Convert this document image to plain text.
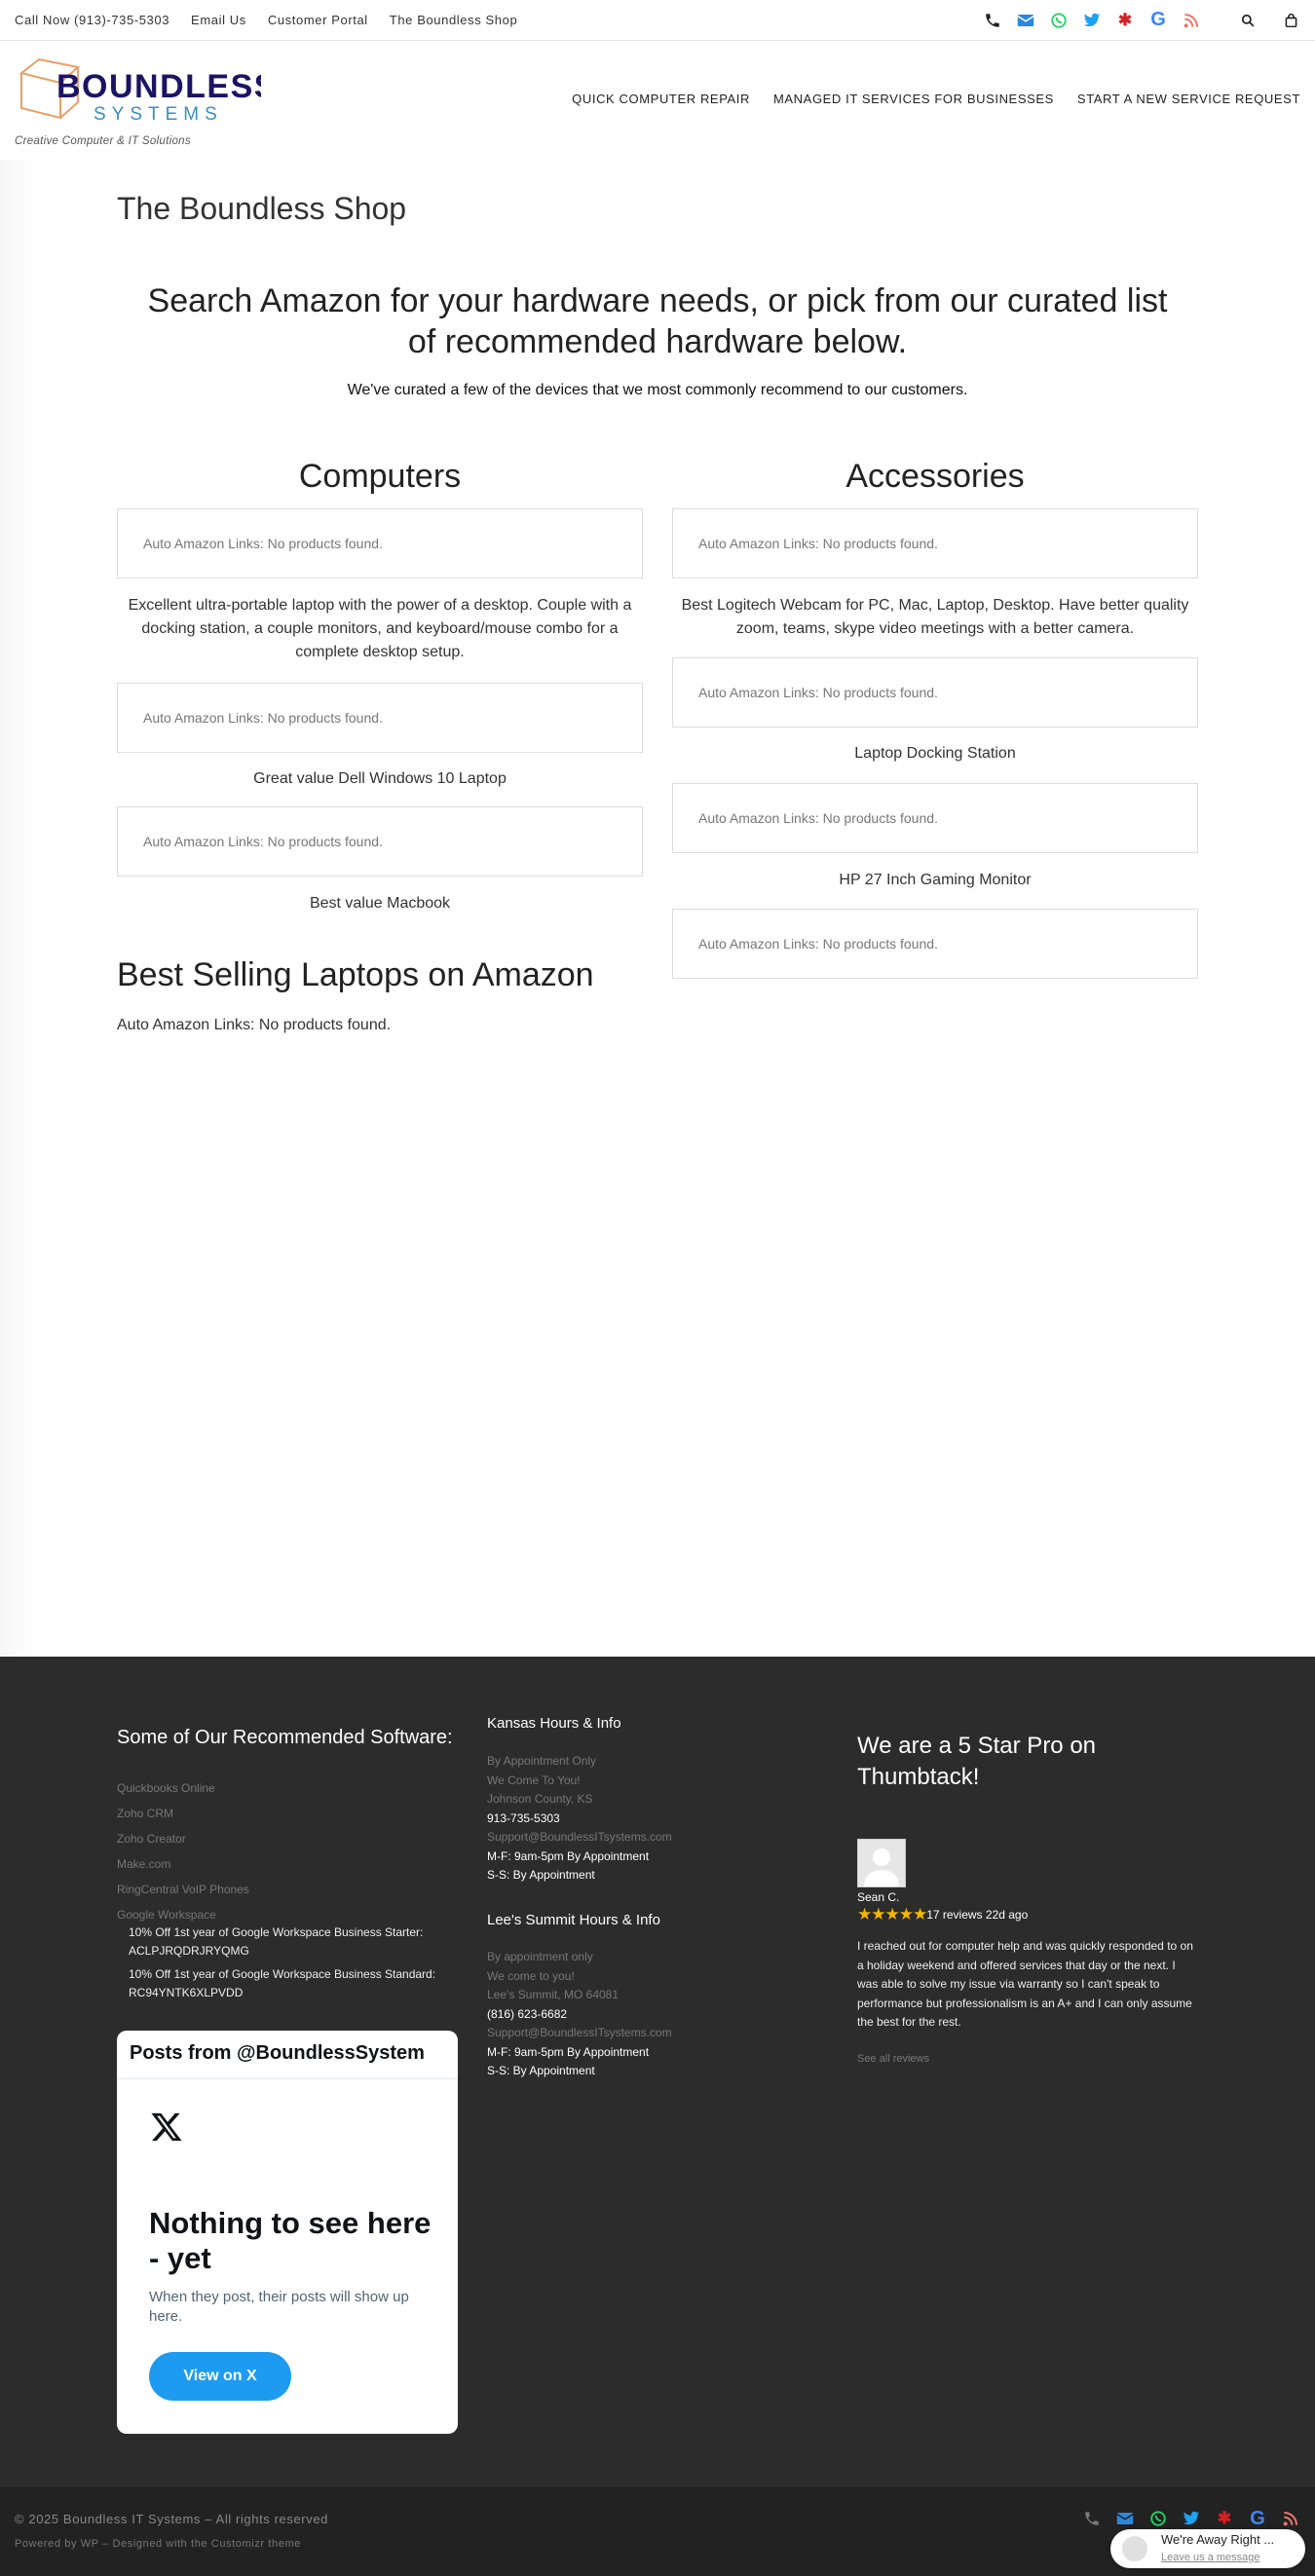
Call Now (913)-735-5303 Email Us Customer Portal The Boundless Shop	✱ G
BOUNDLESS
SYSTEMS
Creative Computer & IT Solutions
QUICK COMPUTER REPAIR MANAGED IT SERVICES FOR BUSINESSES START A NEW SERVICE REQUEST
The Boundless Shop
Search Amazon for your hardware needs, or pick from our curated list of recommended hardware below.

We've curated a few of the devices that we most commonly recommend to our customers.

Computers
Auto Amazon Links: No products found.

Excellent ultra-portable laptop with the power of a desktop. Couple with a docking station, a couple monitors, and keyboard/mouse combo for a complete desktop setup.

Auto Amazon Links: No products found.

Great value Dell Windows 10 Laptop

Auto Amazon Links: No products found.

Best value Macbook

Accessories
Auto Amazon Links: No products found.

Best Logitech Webcam for PC, Mac, Laptop, Desktop. Have better quality zoom, teams, skype video meetings with a better camera.

Auto Amazon Links: No products found.

Laptop Docking Station

Auto Amazon Links: No products found.

HP 27 Inch Gaming Monitor

Auto Amazon Links: No products found.
Best Selling Laptops on Amazon

Auto Amazon Links: No products found.

Some of Our Recommended Software:
Quickbooks Online
Zoho CRM
Zoho Creator
Make.com
RingCentral VoIP Phones
Google Workspace
10% Off 1st year of Google Workspace Business Starter:
ACLPJRQDRJRYQMG
10% Off 1st year of Google Workspace Business Standard:
RC94YNTK6XLPVDD
Posts from @BoundlessSystem
Nothing to see here - yet
When they post, their posts will show up here.
View on X
Kansas Hours & Info
By Appointment Only
We Come To You!
Johnson County, KS
913-735-5303
Support@BoundlessITsystems.com
M-F: 9am-5pm By Appointment
S-S: By Appointment
Lee's Summit Hours & Info
By appointment only
We come to you!
Lee's Summit, MO 64081
(816) 623-6682
Support@BoundlessITsystems.com
M-F: 9am-5pm By Appointment
S-S: By Appointment
We are a 5 Star Pro on Thumbtack!
Sean C.
★★★★★ 17 reviews 22d ago

I reached out for computer help and was quickly responded to on a holiday weekend and offered services that day or the next. I was able to solve my issue via warranty so I can't speak to performance but professionalism is an A+ and I can only assume the best for the rest.

See all reviews
© 2025 Boundless IT Systems – All rights reserved
Powered by WP – Designed with the Customizr theme
✱ G
We're Away Right ...
Leave us a message
